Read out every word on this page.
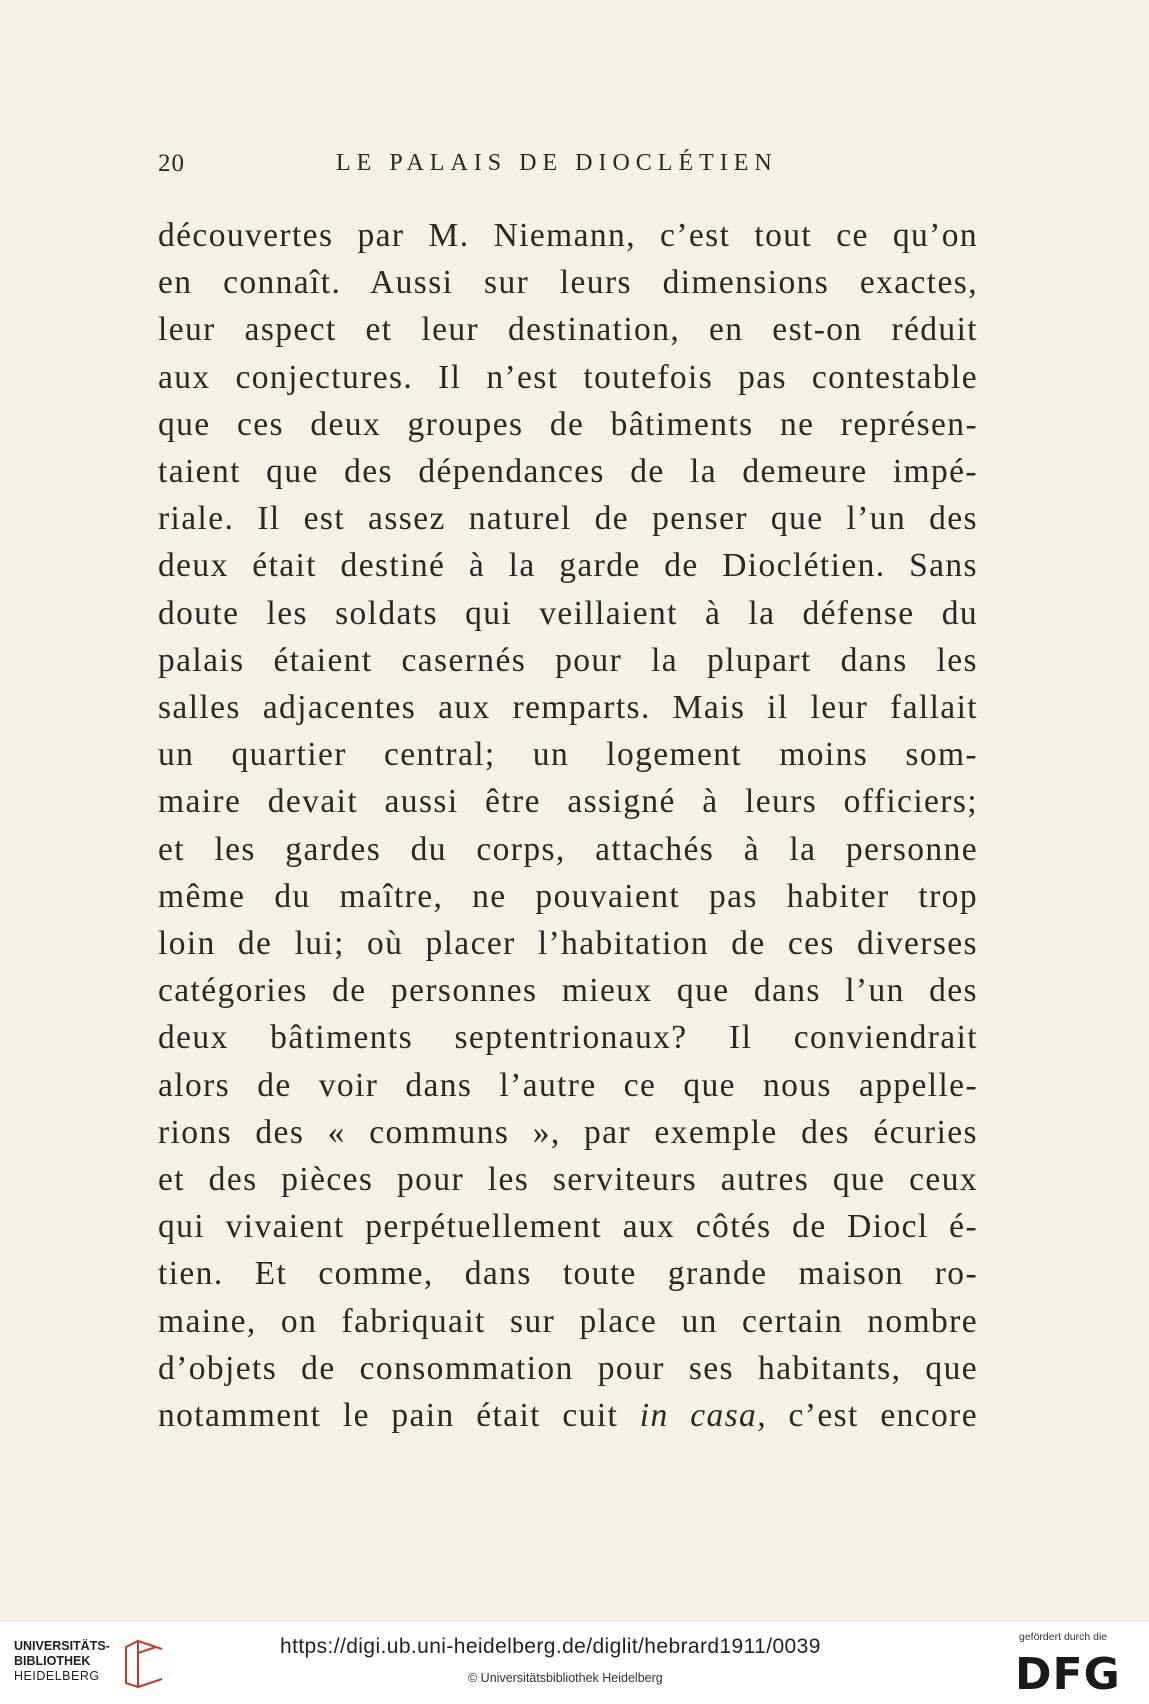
20	LE PALAIS DE DIOCLÉTIEN
découvertes par M. Niemann, c’est tout ce qu’on
en connaît. Aussi sur leurs dimensions exactes,
leur aspect et leur destination, en est-on réduit
aux conjectures. Il n’est toutefois pas contestable
que ces deux groupes de bâtiments ne représen-
taient que des dépendances de la demeure impé-
riale. Il est assez naturel de penser que l’un des
deux était destiné à la garde de Dioclétien. Sans
doute les soldats qui veillaient à la défense du
palais étaient casernés pour la plupart dans les
salles adjacentes aux remparts. Mais il leur fallait
un quartier central; un logement moins som-
maire devait aussi être assigné à leurs officiers;
et les gardes du corps, attachés à la personne
même du maître, ne pouvaient pas habiter trop
loin de lui; où placer l’habitation de ces diverses
catégories de personnes mieux que dans l’un des
deux bâtiments septentrionaux? Il conviendrait
alors de voir dans l’autre ce que nous appelle-
rions des « communs », par exemple des écuries
et des pièces pour les serviteurs autres que ceux
qui vivaient perpétuellement aux côtés de Diocl é-
tien. Et comme, dans toute grande maison ro-
maine, on fabriquait sur place un certain nombre
d’objets de consommation pour ses habitants, que
notamment le pain était cuit in casa, c’est encore
UNIVERSITÄTS-
BIBLIOTHEK
HEIDELBERG
https://digi.ub.uni-heidelberg.de/diglit/hebrard1911/0039
© Universitätsbibliothek Heidelberg
gefördert durch die
DFG
